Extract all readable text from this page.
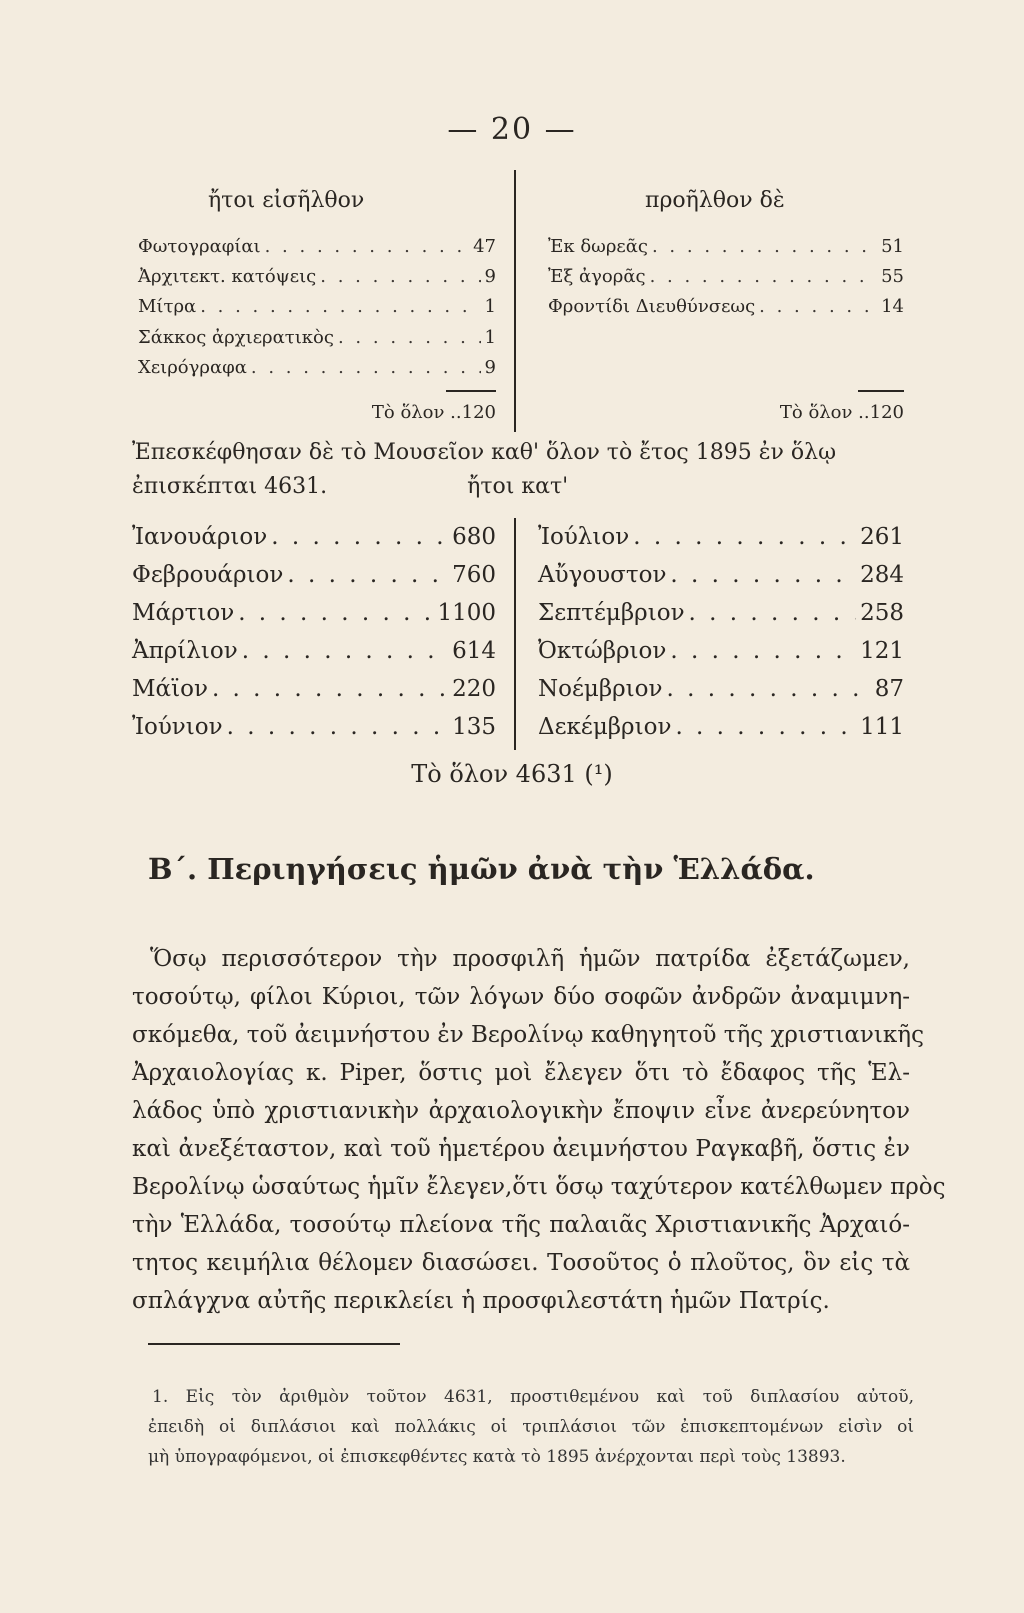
— 20 —
ἤτοι εἰσῆλθον	προῆλθον δὲ
Φωτογραφίαι . . .	47
Ἀρχιτεκτ. κατόψεις . . .	9
Μίτρα . . .	1
Σάκκος ἀρχιερατικὸς . . .	1
Χειρόγραφα . . .	9
Τὸ ὅλον ..120
Ἐκ δωρεᾶς . . .	51
Ἐξ ἀγορᾶς . . .	55
Φροντίδι Διευθύνσεως . . .	14
Τὸ ὅλον ..120
Ἐπεσκέφθησαν δὲ τὸ Μουσεῖον καθ' ὅλον τὸ ἔτος 1895 ἐν ὅλῳ
ἐπισκέπται 4631.	ἤτοι κατ'
Ἰανουάριον . . .	680
Φεβρουάριον . . .	760
Μάρτιον . . .	1100
Ἀπρίλιον . . .	614
Μάϊον . . .	220
Ἰούνιον . . .	135
Ἰούλιον . . .	261
Αὔγουστον . . .	284
Σεπτέμβριον . . .	258
Ὀκτώβριον . . .	121
Νοέμβριον . . .	87
Δεκέμβριον . . .	111
Τὸ ὅλον 4631 (¹)
Β΄. Περιηγήσεις ἡμῶν ἀνὰ τὴν Ἑλλάδα.
Ὅσῳ περισσότερον τὴν προσφιλῆ ἡμῶν πατρίδα ἐξετάζωμεν,
τοσούτῳ, φίλοι Κύριοι, τῶν λόγων δύο σοφῶν ἀνδρῶν ἀναμιμνη-
σκόμεθα, τοῦ ἀειμνήστου ἐν Βερολίνῳ καθηγητοῦ τῆς χριστιανικῆς
Ἀρχαιολογίας κ. Piper, ὅστις μοὶ ἔλεγεν ὅτι τὸ ἔδαφος τῆς Ἑλ-
λάδος ὑπὸ χριστιανικὴν ἀρχαιολογικὴν ἔποψιν εἶνε ἀνερεύνητον
καὶ ἀνεξέταστον, καὶ τοῦ ἡμετέρου ἀειμνήστου Ραγκαβῆ, ὅστις ἐν
Βερολίνῳ ὡσαύτως ἡμῖν ἔλεγεν,ὅτι ὅσῳ ταχύτερον κατέλθωμεν πρὸς
τὴν Ἑλλάδα, τοσούτῳ πλείονα τῆς παλαιᾶς Χριστιανικῆς Ἀρχαιό-
τητος κειμήλια θέλομεν διασώσει. Τοσοῦτος ὁ πλοῦτος, ὃν εἰς τὰ
σπλάγχνα αὐτῆς περικλείει ἡ προσφιλεστάτη ἡμῶν Πατρίς.
1. Εἰς τὸν ἀριθμὸν τοῦτον 4631, προστιθεμένου καὶ τοῦ διπλασίου αὐτοῦ,
ἐπειδὴ οἱ διπλάσιοι καὶ πολλάκις οἱ τριπλάσιοι τῶν ἐπισκεπτομένων εἰσὶν οἱ
μὴ ὑπογραφόμενοι, οἱ ἐπισκεφθέντες κατὰ τὸ 1895 ἀνέρχονται περὶ τοὺς 13893.
